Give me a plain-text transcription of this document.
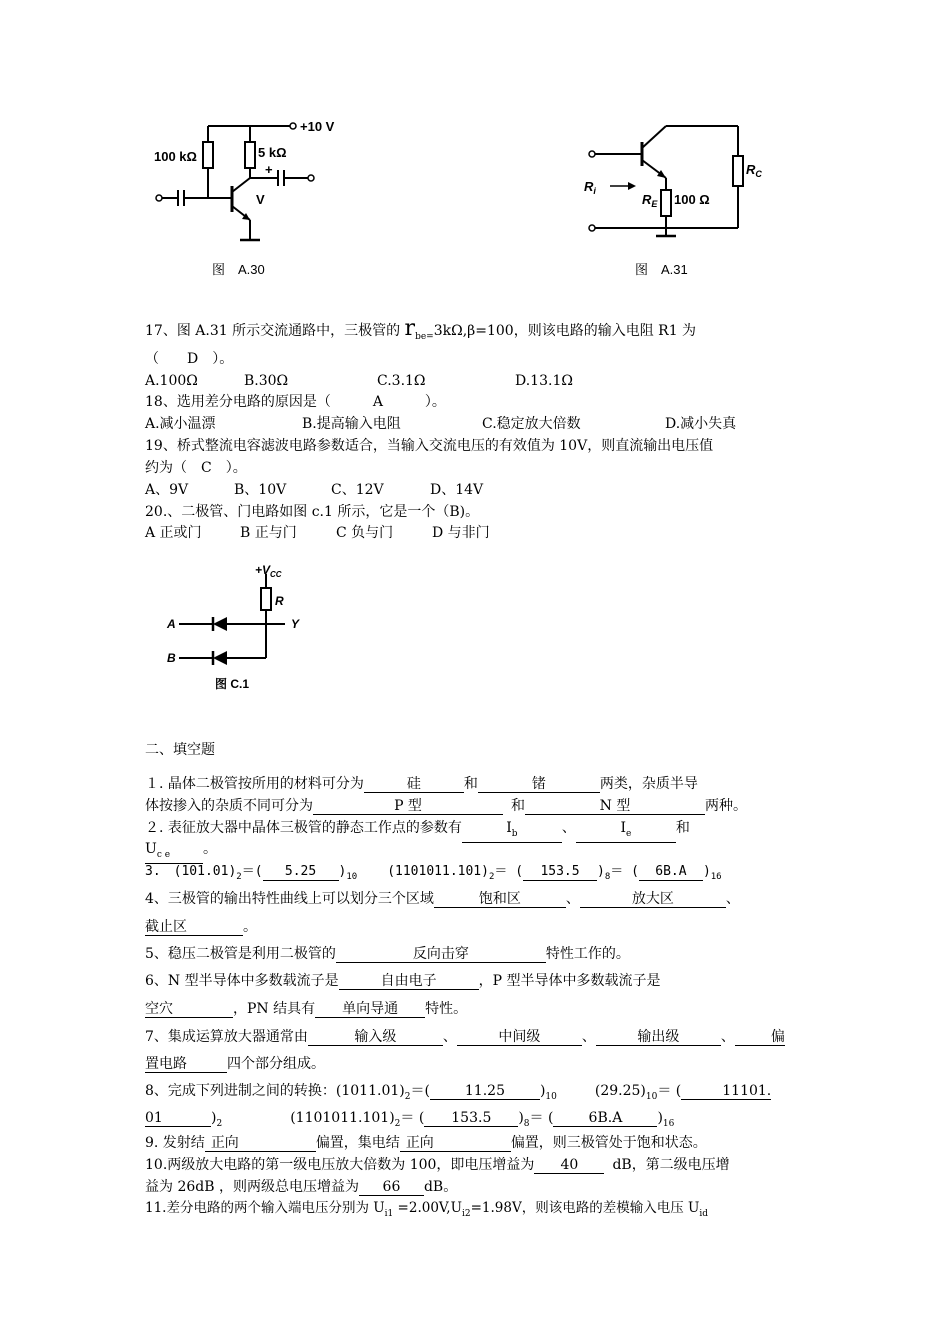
100 kΩ	5 kΩ
+
+10 V
V
图　A.30
$R_i$
$R_E$ 100 Ω
$R_C$
图　A.31
17、图 A.31 所示交流通路中，三极管的 $r_{be=}3k\Omega,\beta=100$，则该电路的输入电阻 R1 为
（　　D　）。
A.100Ω	B.30Ω	C.3.1Ω	D.13.1Ω
18、选用差分电路的原因是（　　　A　　　）。
A.减小温漂	B.提高输入电阻	C.稳定放大倍数	D.减小失真
19、桥式整流电容滤波电路参数适合，当输入交流电压的有效值为 10V，则直流输出电压值
约为（　C　）。
A、9V	B、10V	C、12V	D、14V
20.、二极管、门电路如图 c.1 所示，它是一个（B)。
A 正或门	B 正与门	C 负与门	D 与非门
$+V_{CC}$
R
A
B
Y
图 C.1
二、填空题
１. 晶体二极管按所用的材料可分为	硅	和	锗	两类，杂质半导
体按掺入的杂质不同可分为	P 型	和	N 型	两种。
２. 表征放大器中晶体三极管的静态工作点的参数有	$I_b$	、	$I_e$	和
$U_{c e}$ 。
3.　$(101.01)_2=(5.25)_{10}$ $(1101011.101)_2=$ ( 153.5 )$_8=$ ( 6B.A )$_{16}$
4、三极管的输出特性曲线上可以划分三个区域	饱和区	、	放大区	、
截止区	。
5、稳压二极管是利用二极管的	反向击穿	特性工作的。
6、N 型半导体中多数载流子是	自由电子	，P 型半导体中多数载流子是
空穴	，PN 结具有 单向导通 特性。
7、集成运算放大器通常由	输入级	、	中间级	、	输出级	、	偏
置电路	四个部分组成。
8、完成下列进制之间的转换：$(1011.01)_2=$( 11.25 )$_{10}$	$(29.25)_{10}=$ (	11101.
01	)$_2$	$(1101011.101)_2=$ ( 153.5 )$_8=$ (	6B.A	)$_{16}$
9. 发射结 正向	偏置，集电结 正向	偏置，则三极管处于饱和状态。
10.两级放大电路的第一级电压放大倍数为 100，即电压增益为 40 dB，第二级电压增
益为 26dB ，则两级总电压增益为 66 dB。
11.差分电路的两个输入端电压分别为 $U_{i1} =2.00V,U_{i2}=1.98V$，则该电路的差模输入电压 $U_{id}$
